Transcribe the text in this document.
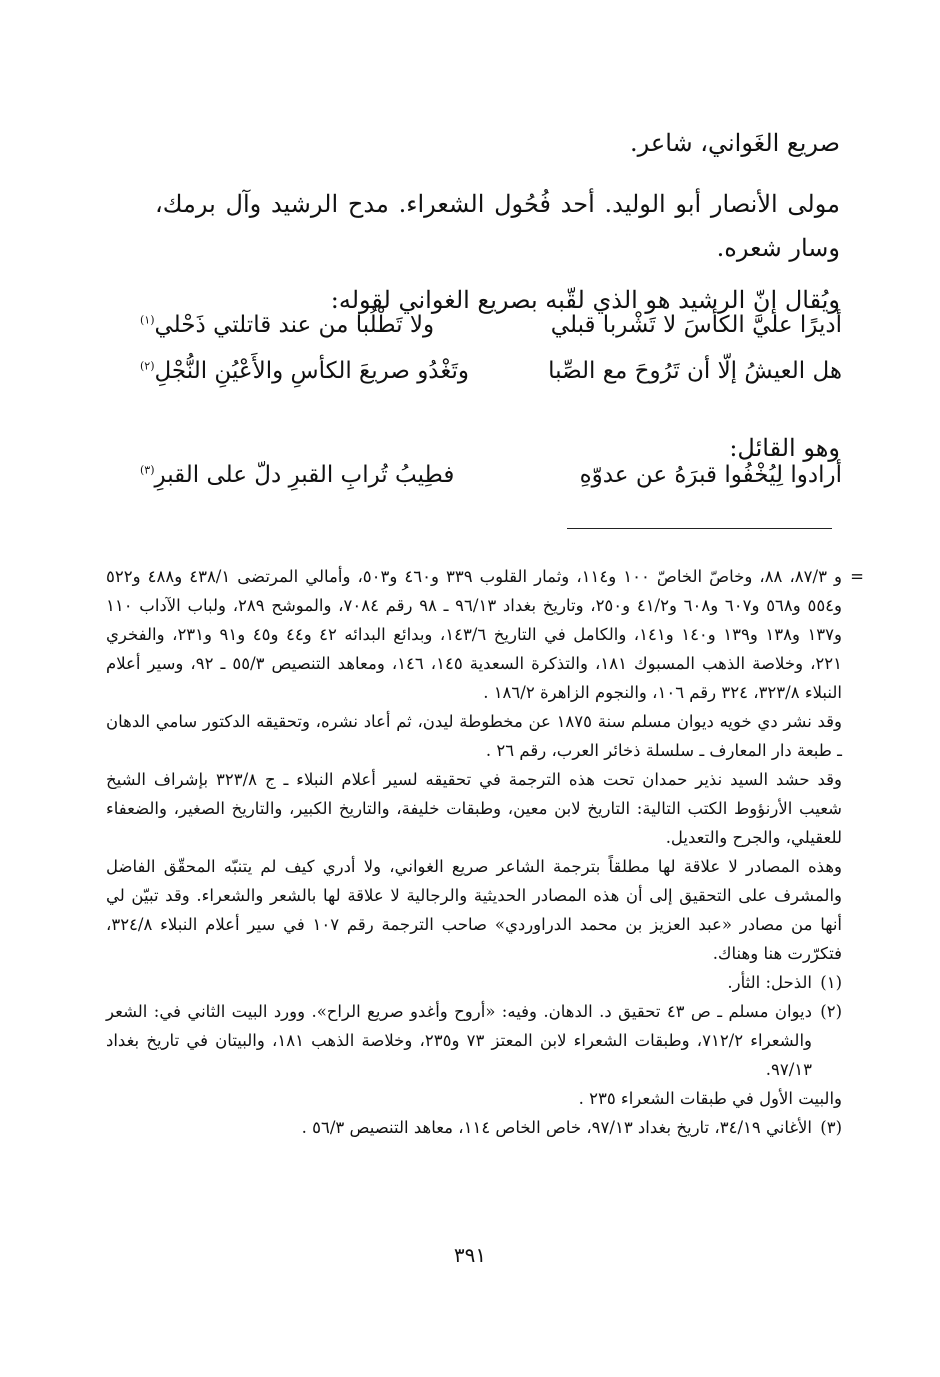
صريع الغَواني، شاعر.

مولى الأنصار أبو الوليد. أحد فُحُول الشعراء. مدح الرشيد وآل برمك، وسار شعره.

ويُقال إنّ الرشيد هو الذي لقّبه بصريع الغواني لقوله:

أديرًا عليَّ الكأسَ لا تَشْربا قبلي
ولا تَطْلُبا من عند قاتلتي ذَحْلي$^{(١)}$
هل العيشُ إلّا أن تَرُوحَ مع الصِّبا
وتَغْدُو صريعَ الكأسِ والأَعْيُنِ النُّجْلِ$^{(٢)}$

وهو القائل:

أرادوا لِيُخْفُوا قبرَهُ عن عدوّهِ
فطِيبُ تُرابِ القبرِ دلّ على القبرِ$^{(٣)}$

=
و ٨٧/٣، ٨٨، وخاصّ الخاصّ ١٠٠ و١١٤، وثمار القلوب ٣٣٩ و٤٦٠ و٥٠٣، وأمالي المرتضى ٤٣٨/١ و٤٨٨ و٥٢٢ و٥٥٤ و٥٦٨ و٦٠٧ و٦٠٨ و٤١/٢ و٢٥٠، وتاريخ بغداد ٩٦/١٣ ـ ٩٨ رقم ٧٠٨٤، والموشح ٢٨٩، ولباب الآداب ١١٠ و١٣٧ و١٣٨ و١٣٩ و١٤٠ و١٤١، والكامل في التاريخ ١٤٣/٦، وبدائع البدائه ٤٢ و٤٤ و٤٥ و٩١ و٢٣١، والفخري ٢٢١، وخلاصة الذهب المسبوك ١٨١، والتذكرة السعدية ١٤٥، ١٤٦، ومعاهد التنصيص ٥٥/٣ ـ ٩٢، وسير أعلام النبلاء ٣٢٣/٨، ٣٢٤ رقم ١٠٦، والنجوم الزاهرة ١٨٦/٢ .

وقد نشر دي خويه ديوان مسلم سنة ١٨٧٥ عن مخطوطة ليدن، ثم أعاد نشره، وتحقيقه الدكتور سامي الدهان ـ طبعة دار المعارف ـ سلسلة ذخائر العرب، رقم ٢٦ .

وقد حشد السيد نذير حمدان تحت هذه الترجمة في تحقيقه لسير أعلام النبلاء ـ ج ٣٢٣/٨ بإشراف الشيخ شعيب الأرنؤوط الكتب التالية: التاريخ لابن معين، وطبقات خليفة، والتاريخ الكبير، والتاريخ الصغير، والضعفاء للعقيلي، والجرح والتعديل.

وهذه المصادر لا علاقة لها مطلقاً بترجمة الشاعر صريع الغواني، ولا أدري كيف لم يتنبّه المحقّق الفاضل والمشرف على التحقيق إلى أن هذه المصادر الحديثية والرجالية لا علاقة لها بالشعر والشعراء. وقد تبيّن لي أنها من مصادر «عبد العزيز بن محمد الدراوردي» صاحب الترجمة رقم ١٠٧ في سير أعلام النبلاء ٣٢٤/٨، فتكرّرت هنا وهناك.

(١)
الذحل: الثأر.
(٢)
ديوان مسلم ـ ص ٤٣ تحقيق د. الدهان. وفيه: «أروح وأغدو صريع الراح». وورد البيت الثاني في: الشعر والشعراء ٧١٢/٢، وطبقات الشعراء لابن المعتز ٧٣ و٢٣٥، وخلاصة الذهب ١٨١، والبيتان في تاريخ بغداد ٩٧/١٣.

والبيت الأول في طبقات الشعراء ٢٣٥ .

(٣)
الأغاني ٣٤/١٩، تاريخ بغداد ٩٧/١٣، خاص الخاص ١١٤، معاهد التنصيص ٥٦/٣ .
٣٩١
